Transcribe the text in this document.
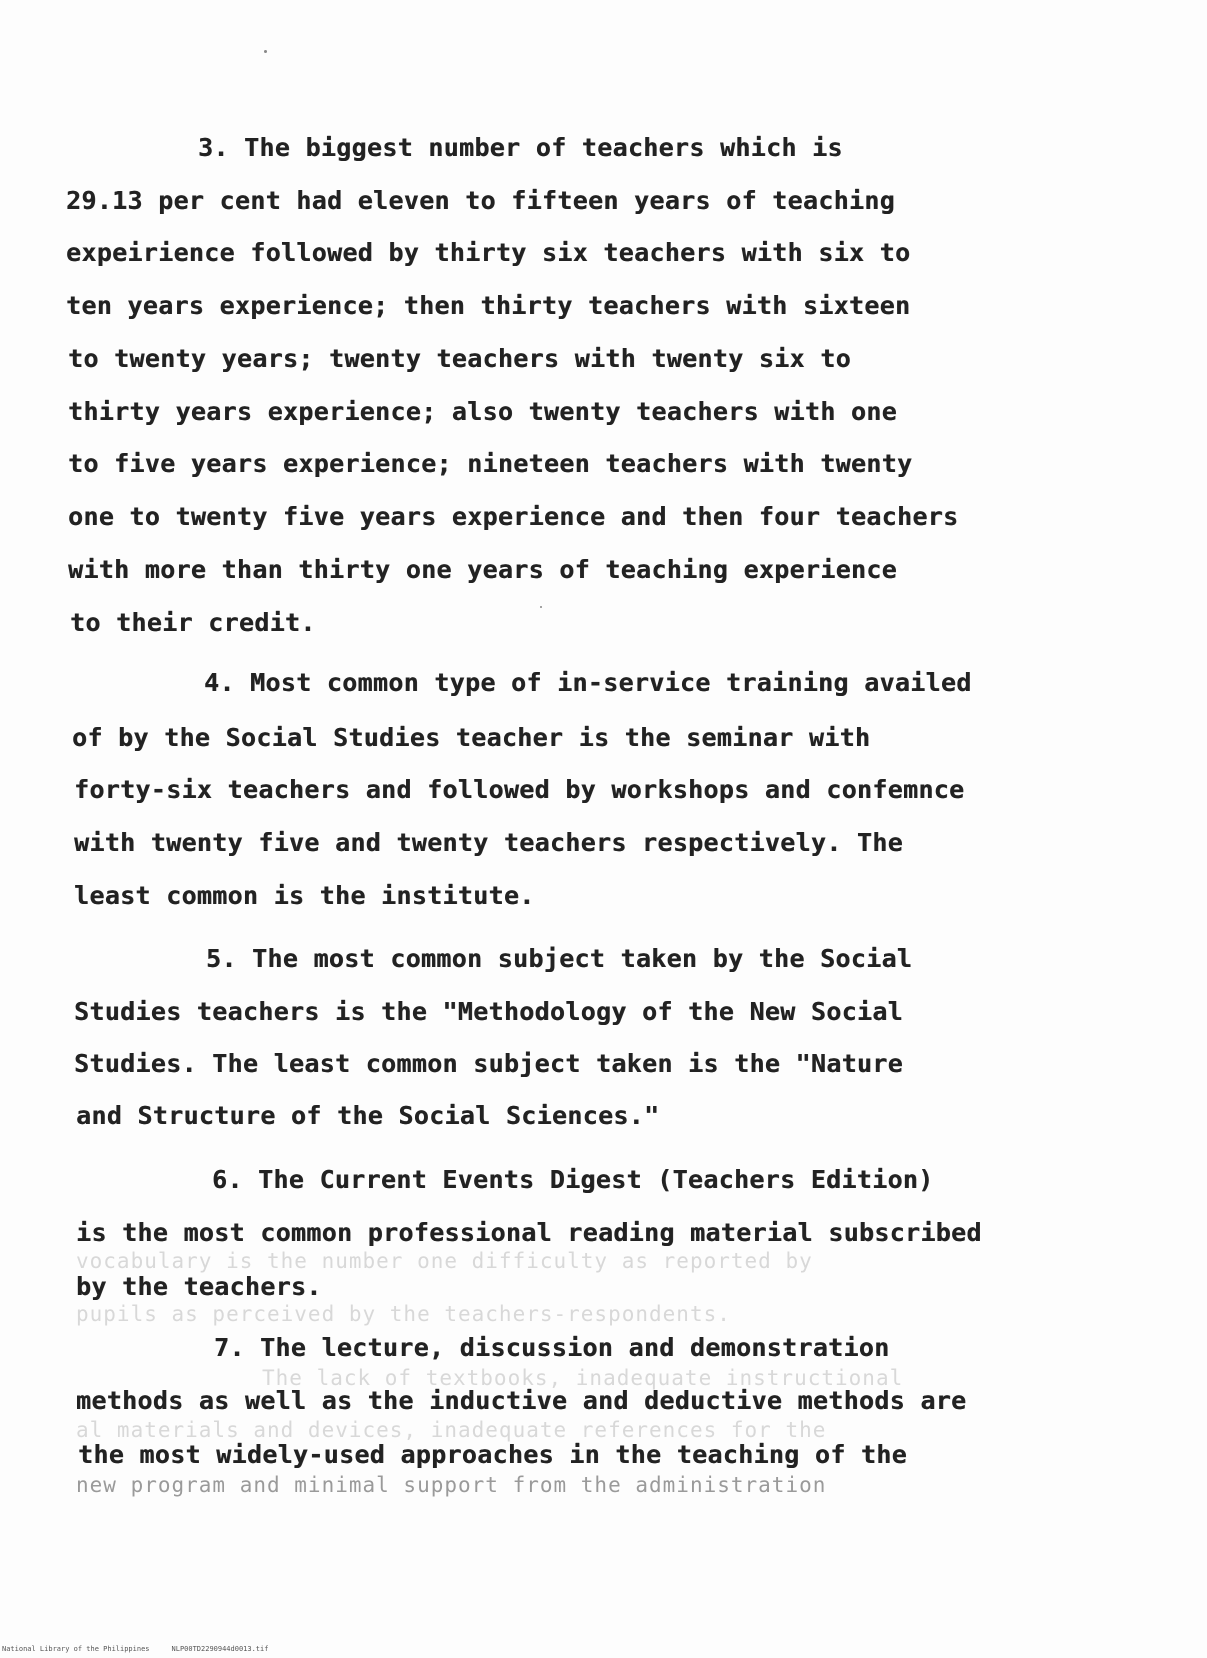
3. The biggest number of teachers which is
29.13 per cent had eleven to fifteen years of teaching
expeirience followed by thirty six teachers with six to
ten years experience; then thirty teachers with sixteen
to twenty years; twenty teachers with twenty six to
thirty years experience; also twenty teachers with one
to five years experience; nineteen teachers with twenty
one to twenty five years experience and then four teachers
with more than thirty one years of teaching experience
to their credit.
4. Most common type of in-service training availed
of by the Social Studies teacher is the seminar with
forty-six teachers and followed by workshops and confemnce
with twenty five and twenty teachers respectively. The
least common is the institute.
5. The most common subject taken by the Social
Studies teachers is the "Methodology of the New Social
Studies. The least common subject taken is the "Nature
and Structure of the Social Sciences."
6. The Current Events Digest (Teachers Edition)
is the most common professional reading material subscribed
by the teachers.
7. The lecture, discussion and demonstration
methods as well as the inductive and deductive methods are
the most widely-used approaches in the teaching of the
vocabulary is the number one difficulty as reported by
pupils as perceived by the teachers-respondents.
The lack of textbooks, inadequate instructional
al materials and devices, inadequate references for the
new program and minimal support from the administration
National Library of the Philippines	NLP00TD2290944d0013.tif
